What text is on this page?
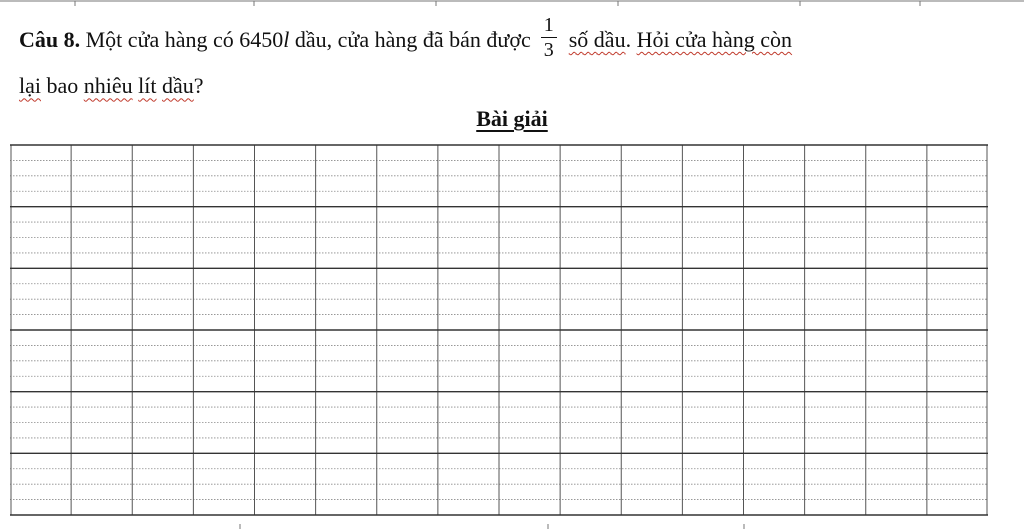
Câu 8. Một cửa hàng có 6450l dầu, cửa hàng đã bán được $\frac{1}{3}$ số dầu. Hỏi cửa hàng còn
lại bao nhiêu lít dầu?
Bài giải
